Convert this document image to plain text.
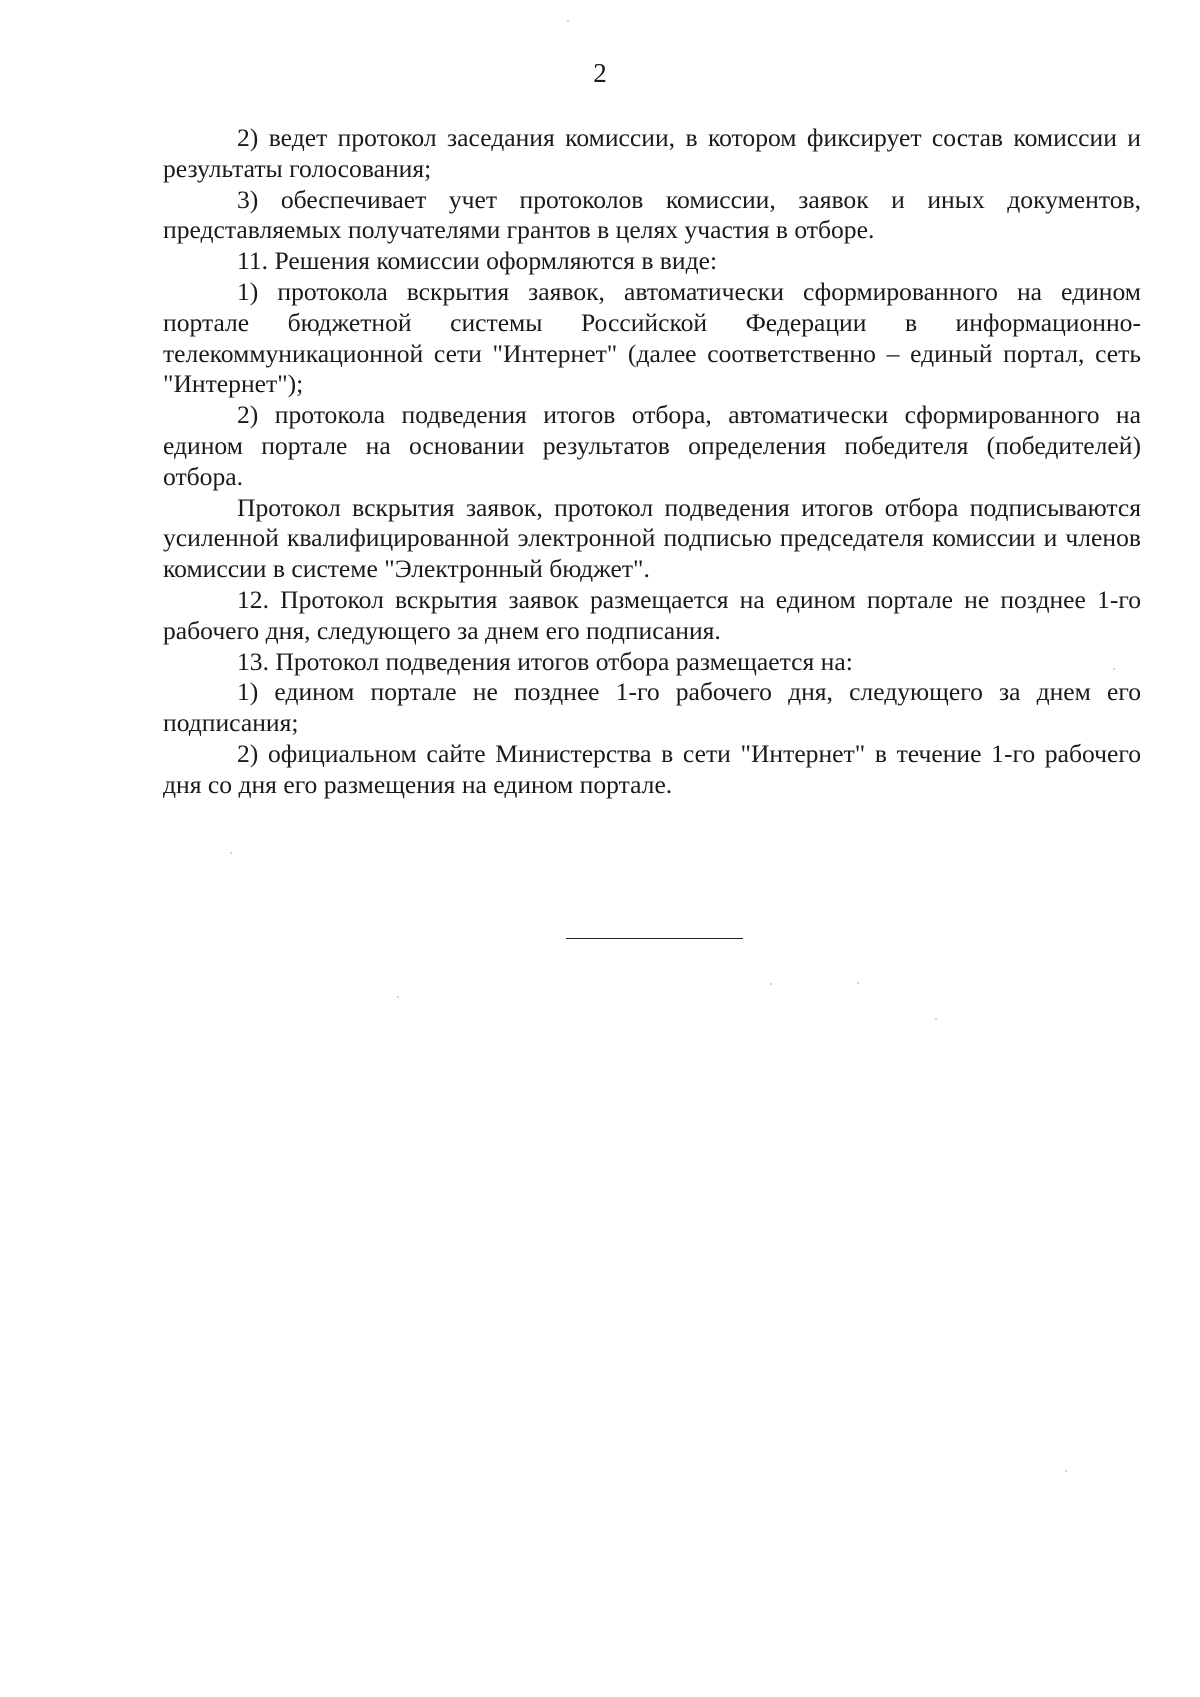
2

2) ведет протокол заседания комиссии, в котором фиксирует состав комиссии и результаты голосования;

3) обеспечивает учет протоколов комиссии, заявок и иных документов, представляемых получателями грантов в целях участия в отборе.

11. Решения комиссии оформляются в виде:

1) протокола вскрытия заявок, автоматически сформированного на едином портале бюджетной системы Российской Федерации в информационно-телекоммуникационной сети "Интернет" (далее соответственно – единый портал, сеть "Интернет");

2) протокола подведения итогов отбора, автоматически сформированного на едином портале на основании результатов определения победителя (победителей) отбора.

Протокол вскрытия заявок, протокол подведения итогов отбора подписываются усиленной квалифицированной электронной подписью председателя комиссии и членов комиссии в системе "Электронный бюджет".

12. Протокол вскрытия заявок размещается на едином портале не позднее 1-го рабочего дня, следующего за днем его подписания.

13. Протокол подведения итогов отбора размещается на:

1) едином портале не позднее 1-го рабочего дня, следующего за днем его подписания;

2) официальном сайте Министерства в сети "Интернет" в течение 1-го рабочего дня со дня его размещения на едином портале.
